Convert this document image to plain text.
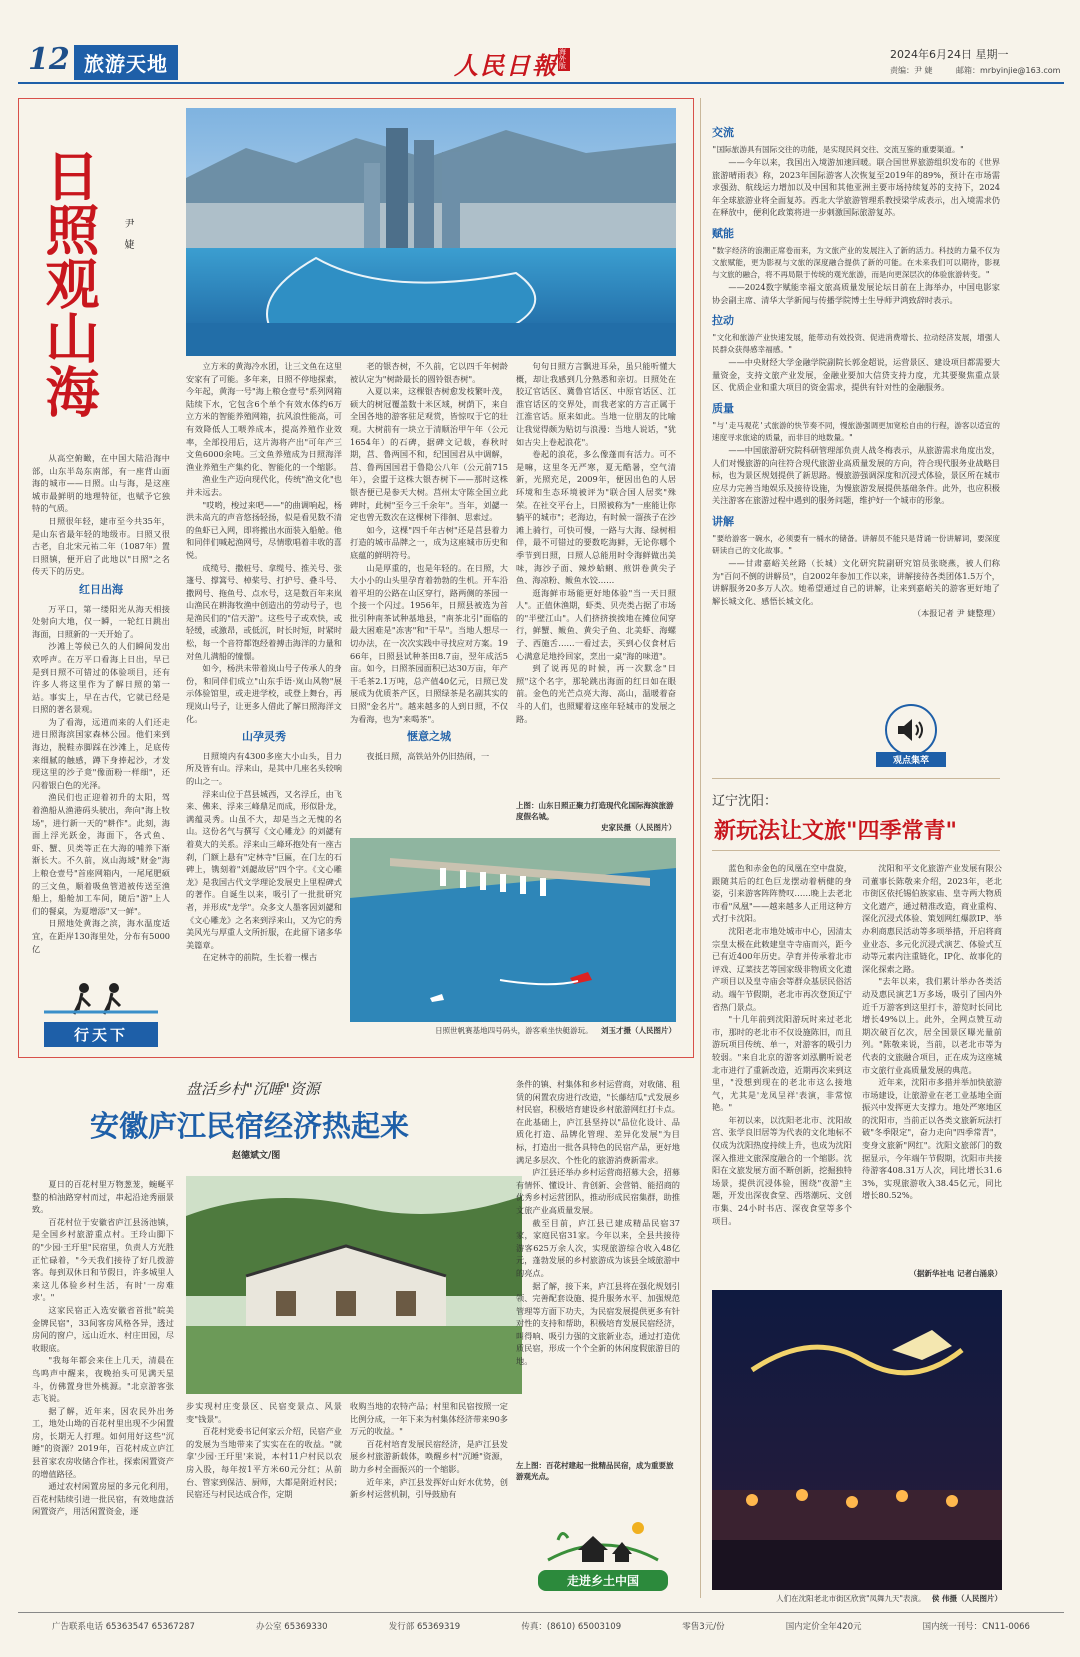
12 旅游天地	人民日報 海外版
2024年6月24日 星期一
责编：尹 婕	邮箱：mrbyinjie@163.com
日照观山海 尹 婕

从高空俯瞰，在中国大陆沿海中部，山东半岛东南部，有一座背山面海的城市——日照。山与海，是这座城市最鲜明的地理特征，也赋予它独特的气质。

日照很年轻，建市至今共35年，是山东省最年轻的地级市。日照又很古老，自北宋元祐二年（1087年）置日照镇，便开启了此地以"日照"之名传天下的历史。

红日出海

万平口，第一缕阳光从海天相接处射向大地，仅一瞬，一轮红日跳出海面，日照新的一天开始了。

沙滩上等候已久的人们瞬间发出欢呼声。在万平口看海上日出，早已是到日照不可错过的体验项目，还有许多人将这里作为了解日照的第一站。事实上，早在古代，它就已经是日照的著名景观。

为了看海，远道而来的人们还走进日照海滨国家森林公园。他们来到海边，脱鞋赤脚踩在沙滩上，足底传来细腻的触感，蹲下身捧起沙，才发现这里的沙子竟"像面粉一样细"，还闪着银白色的光泽。

渔民们也正迎着初升的太阳，驾着渔船从渔港码头驶出，奔向"海上牧场"，进行新一天的"耕作"。此刻，海面上浮光跃金，海面下，各式鱼、虾、蟹、贝类等正在大海的哺养下渐渐长大。不久前，岚山海域"财金"海上粮仓壹号"首座网箱内，一尾尾肥硕的三文鱼，顺着吸鱼管道被传送至渔船上，船舱加工车间，随后"游"上人们的餐桌，为夏增添"又一鲜"。

日照地处黄海之滨，海水温度适宜，在距岸130海里处，分布有5000亿

行天下

立方米的黄海冷水团，让三文鱼在这里安家有了可能。多年来，日照不停地探索，今年起，黄海一号"海上粮仓壹号"系列网箱陆续下水，它包含6个单个有效水体约6万立方米的智能养殖网箱，抗风浪性能高，可有效降低人工喂养成本，提高养殖作业效率，全部投用后，这片海将产出"可年产三文鱼6000余吨。三文鱼养殖成为日照海洋渔业养殖生产集约化、智能化的一个缩影。

渔业生产迈向现代化，传统"渔文化"也并未远去。

"哎哟，梭过来吧——"的曲调响起，杨洪未高亢的声音悠扬轻扬，似是看见数不清的鱼虾已入网，即将搬出水面装入船舱。他和同伴们喊起渔网号，尽情歌唱着丰收的喜悦。

成缆号、撒桩号、拿缆号、推关号、张篷号、撑篙号、棹桨号、打护号、叠斗号、撒网号、拖鱼号、点水号，这是数百年来岚山渔民在耕海牧渔中创造出的劳动号子，也是渔民们的"信天游"。这些号子或欢快，或轻缓，或激昂，或低沉，时长时短，时紧时松，每一个音符都饱经着搏击海洋的力量和对鱼儿满船的憧憬。

如今，杨洪未带着岚山号子传承人的身份，和同伴们成立"山东手语·岚山风物"展示体验馆里，或走进学校，或登上舞台，再现岚山号子，让更多人借此了解日照海洋文化。

山孕灵秀

日照境内有4300多座大小山头，目力所及皆有山。浮来山，是其中几座名头较响的山之一。

浮来山位于莒县城西，又名浮丘，由飞来、佛来、浮来三峰鼎足而成，形似卧龙，满蕴灵秀。山虽不大，却是当之无愧的名山。这份名气与撰写《文心雕龙》的刘勰有着莫大的关系。浮来山三峰环抱处有一座古刹，门额上悬有"定林寺"巨匾，在门左的石碑上，镌刻着"刘勰故居"四个字。《文心雕龙》是我国古代文学理论发展史上里程碑式的著作。自诞生以来，吸引了一批批研究者，并形成"龙学"。众多文人墨客因刘勰和《文心雕龙》之名来到浮来山，又为它的秀美风光与厚重人文所折服，在此留下诸多华美篇章。

在定林寺的前院，生长着一棵古

老的银杏树，不久前，它以四千年树龄被认定为"树龄最长的圆铃银杏树"。

入夏以来，这棵银杏树愈发枝繁叶茂，硕大的树冠覆盖数十米区域，树荫下，来自全国各地的游客驻足观赏，皆惊叹于它的壮观。大树前有一块立于清顺治甲午年（公元1654年）的石碑，据碑文记载，春秋时期，莒、鲁两国不和，纪国国君从中调解，莒、鲁两国国君于鲁隐公八年（公元前715年），会盟于这株大银杏树下——那时这株银杏便已是参天大树。莒州太守陈全国立此碑时，此树"至今三千余年"。当年，刘勰一定也曾无数次在这棵树下徘徊、思索过。

如今，这棵"四千年古树"还是莒县着力打造的城市品牌之一，成为这座城市历史和底蕴的鲜明符号。

山是厚重的，也是年轻的。在日照，大大小小的山头里孕育着勃勃的生机。开车沿着平坦的公路在山区穿行，路两侧的茶园一个接一个闪过。1956年，日照县被选为首批引种南茶试种基地县，"南茶北引"面临的最大困难是"冻害"和"干旱"。当地人想尽一切办法，在一次次实践中寻找应对方案。1966年，日照县试种茶田8.7亩，翌年成活5亩。如今，日照茶园面积已达30万亩，年产干毛茶2.1万吨，总产值40亿元，日照已发展成为优质茶产区，日照绿茶是名副其实的日照"金名片"。越来越多的人到日照，不仅为看海，也为"来喝茶"。

惬意之城

夜抵日照，高铁站外仍旧热闹，一

句句日照方言飘进耳朵，虽只能听懂大概，却让我感到几分熟悉和亲切。日照处在胶辽官话区、冀鲁官话区、中原官话区、江淮官话区的交界处，而我老家的方言正属于江淮官话。原来如此。当地一位朋友的比喻让我觉得颇为贴切与浪漫：当地人说话，"犹如古尖上卷起浪花"。

卷起的浪花，多么像蓬而有活力。可不是嘛，这里冬无严寒，夏无酷暑，空气清新，光照充足，2009年，便因出色的人居环境和生态环境被评为"联合国人居奖"殊荣。在社交平台上，日照被称为"一座能让你躺平的城市"；老海边，有时候一溜孩子在沙滩上骑行，可快可慢，一路与大海、绿树相伴，最不可错过的要数吃海鲜，无论你哪个季节到日照，日照人总能用时令海鲜做出美味，海沙子面、辣炒蛤蜊、煎饼卷黄尖子鱼、海凉粉、鲅鱼水饺……

逛海鲜市场能更好地体验"当一天日照人"。正值休渔期，虾类、贝壳类占据了市场的"半壁江山"。人们挤挤挨挨地在摊位间穿行，鲜蟹、鲅鱼、黄尖子鱼、北美虾、海螺子、西施舌……一看过去，买到心仪食材后心满意足地拎回家，烹出一桌"海的味道"。

到了说再见的时候，再一次默念"日照"这个名字，那轮跳出海面的红日如在眼前。金色的光芒点亮大海、高山，温暖着奋斗的人们，也照耀着这座年轻城市的发展之路。

上图：山东日照正聚力打造现代化国际海滨旅游度假名城。
史家民摄（人民图片）
日照世帆赛基地四号码头，游客乘坐快艇游玩。 刘玉才摄（人民图片）
交流
"国际旅游具有国际交往的功能，是实现民间交往、交流互鉴的重要渠道。"
——今年以来，我国出入境游加速回暖。联合国世界旅游组织发布的《世界旅游晴雨表》称，2023年国际游客人次恢复至2019年的89%，预计在市场需求强劲、航线运力增加以及中国和其他亚洲主要市场持续复苏的支持下，2024年全球旅游业将全面复苏。西北大学旅游管理系教授梁学成表示，出入境需求仍在释放中，便利化政策将进一步刺激国际旅游复苏。
赋能
"数字经济的浪潮正席卷而来，为文旅产业的发展注入了新的活力。科技的力量不仅为文旅赋能，更为影视与文旅的深度融合提供了新的可能。在未来我们可以期待，影视与文旅的融合，将不再局限于传统的观光旅游，而是向更深层次的体验旅游转变。"
——2024数字赋能幸福文旅高质量发展论坛日前在上海举办，中国电影家协会副主席、清华大学新闻与传播学院博士生导师尹鸿致辞时表示。
拉动
"文化和旅游产业快速发展，能带动有效投资、促进消费增长、拉动经济发展，增强人民群众获得感幸福感。"
——中央财经大学金融学院副院长郭金超说，运营景区、建设项目都需要大量资金，支持文旅产业发展，金融业要加大信贷支持力度，尤其要聚焦重点景区、优质企业和重大项目的资金需求，提供有针对性的金融服务。
质量
"与'走马观花'式旅游的快节奏不同，慢旅游强调更加宽松自由的行程，游客以适宜的速度寻求旅途的质量，而非目的地数量。"
——中国旅游研究院科研管理部负责人战冬梅表示，从旅游需求角度出发，人们对慢旅游的向往符合现代旅游业高质量发展的方向，符合现代服务业战略目标，也为景区规划提供了新思路。慢旅游强调深度和沉浸式体验，景区所在城市应尽力完善当地娱乐及接待设施，为慢旅游发展提供基础条件。此外，也应积极关注游客在旅游过程中遇到的服务问题，维护好一个城市的形象。
讲解
"要给游客一碗水，必须要有一桶水的储备。讲解员不能只是背诵一份讲解词，要深度研读自己的文化故事。"
——甘肃嘉峪关丝路（长城）文化研究院副研究馆员张晓燕，被人们称为"百问不倒的讲解员"，自2002年参加工作以来，讲解接待各类团体1.5万个，讲解服务20多万人次。她希望通过自己的讲解，让来到嘉峪关的游客更好地了解长城文化、感悟长城文化。
（本报记者 尹 婕整理）
观点集萃
辽宁沈阳：
新玩法让文旅"四季常青"

蓝色和赤金色的凤凰在空中盘旋，跟随其后的红色巨龙摆动着柄健的身姿，引来游客阵阵赞叹……晚上去老北市看"凤凰"——越来越多人正用这种方式打卡沈阳。

沈阳老北市地处城市中心，因清太宗皇太极在此敕建皇寺寺庙而兴，距今已有近400年历史。孕育并传承着北市评戏、辽菜技艺等国家级非物质文化遗产项目以及皇寺庙会等群众基层民俗活动。端午节假期，老北市再次登顶辽宁省热门景点。

"十几年前到沈阳游玩时来过老北市，那时的老北市不仅设施陈旧，而且游玩项目传统、单一，对游客的吸引力较弱。"来自北京的游客刘泓鹏听说老北市进行了重新改造，近期再次来到这里，"没想到现在的老北市这么接地气，尤其是'龙凤呈祥'表演，非常惊艳。"

年初以来，以沈阳老北市、沈阳故宫、张学良旧居等为代表的文化地标不仅成为沈阳热度持续上升，也成为沈阳深入推进文旅深度融合的一个缩影。沈阳在文旅发展方面不断创新，挖掘独特场景，提供沉浸体验，围绕"夜游"主题，开发出深夜食堂、西塔潮玩、文创市集、24小时书店、深夜食堂等多个项目。

沈阳和平文化旅游产业发展有限公司董事长陈敬来介绍，2023年，老北市街区依托锡伯族家庙、皇寺两大物质文化遗产，通过精准改造，商业重构、深化沉浸式体验、策划网红爆款IP、举办利商惠民活动等多项举措，开启将商业业态、多元化沉浸式演艺、体验式互动等元素内注重链化，IP化、故事化的深化探索之路。

"去年以来，我们累计举办各类活动及惠民演艺1万多场，吸引了国内外近千万游客到这里打卡，游览时长同比增长49%以上。此外，全网点赞互动期次破百亿次，居全国景区曝光量前列。"陈敬来说，当前，以老北市等为代表的文旅融合项目，正在成为这座城市文旅行业高质量发展的典范。

近年来，沈阳市多措并举加快旅游市场建设，让旅游业在老工业基地全面振兴中发挥更大支撑力。地处严寒地区的沈阳市，当前正以各类文旅新玩法打破"冬季限定"，奋力走向"四季常青"，变身文旅新"网红"。沈阳文旅部门的数据显示，今年端午节假期，沈阳市共接待游客408.31万人次，同比增长31.63%，实现旅游收入38.45亿元，同比增长80.52%。

（据新华社电 记者白涌泉）
人们在沈阳老北市街区欣赏"凤舞九天"表演。 侯 伟摄（人民图片）
盘活乡村"沉睡"资源
安徽庐江民宿经济热起来
赵德斌文/图

夏日的百花村里万物葱茏，蜿蜒平整的柏油路穿村而过，串起沿途秀丽景致。

百花村位于安徽省庐江县汤池镇，是全国乡村旅游重点村。王玲山脚下的"少园·王玗里"民宿里，负责人方光胜正忙碌着，"今天我们接待了好几拨游客。每到双休日和节假日，许多城里人来这儿体验乡村生活，有时'一房难求'。"

这家民宿正入选安徽省首批"皖美金牌民宿"，33间客房风格各异，透过房间的窗户，远山近水、村庄田园，尽收眼底。

"我每年都会来住上几天，清晨在鸟鸣声中醒来，夜晚抬头可见满天星斗，仿佛置身世外桃源。"北京游客张志飞说。

据了解，近年来，因农民外出务工，地处山坳的百花村里出现不少闲置房，长期无人打理。如何用好这些"沉睡"的资源？2019年，百花村成立庐江县首家农房收储合作社，探索闲置资产的增值路径。

通过农村闲置房屋的多元化利用，百花村陆续引进一批民宿，有效地盘活闲置资产，用活闲置资金，逐

步实现村庄变景区、民宿变景点、风景变"钱景"。

百花村党委书记何家云介绍，民宿产业的发展为当地带来了实实在在的收益。"就拿'少园·王玗里'来说，本村11户村民以农房入股，每年按1平方米60元分红；从前台、管家到保洁、厨师，大都是附近村民；民宿还与村民达成合作，定期

收购当地的农特产品；村里和民宿按照一定比例分成，一年下来为村集体经济带来90多万元的收益。"

百花村培育发展民宿经济，是庐江县发展乡村旅游新载体，唤醒乡村"沉睡"资源，助力乡村全面振兴的一个缩影。

近年来，庐江县发挥好山好水优势，创新乡村运营机制，引导鼓励有

条件的镇、村集体和乡村运营商，对收储、租赁的闲置农房进行改造，"长藤结瓜"式发展乡村民宿，积极培育建设乡村旅游网红打卡点。在此基础上，庐江县坚持以"品位化设计、品质化打造、品牌化管理、差异化发展"为目标，打造出一批各具特色的民宿产品，更好地满足多层次、个性化的旅游消费新需求。

庐江县还举办乡村运营商招募大会，招募有情怀、懂设计、肯创新、会营销、能招商的优秀乡村运营团队，推动形成民宿集群，助推文旅产业高质量发展。

截至目前，庐江县已建成精品民宿37家，家庭民宿31家。今年以来，全县共接待游客625万余人次，实现旅游综合收入48亿元，蓬勃发展的乡村旅游成为该县全域旅游中的亮点。

据了解，接下来，庐江县将在强化规划引领、完善配套设施、提升服务水平、加强规范管理等方面下功夫，为民宿发展提供更多有针对性的支持和帮助，积极培育发展民宿经济，叫得响、吸引力强的文旅新业态，通过打造优质民宿，形成一个个全新的休闲度假旅游目的地。

左上图：百花村建起一批精品民宿，成为重要旅游观光点。
走进乡土中国
广告联系电话 65363547 65367287	办公室 65369330	发行部 65369319	传真：(8610) 65003109	零售3元/份	国内定价全年420元	国内统一刊号：CN11-0066
